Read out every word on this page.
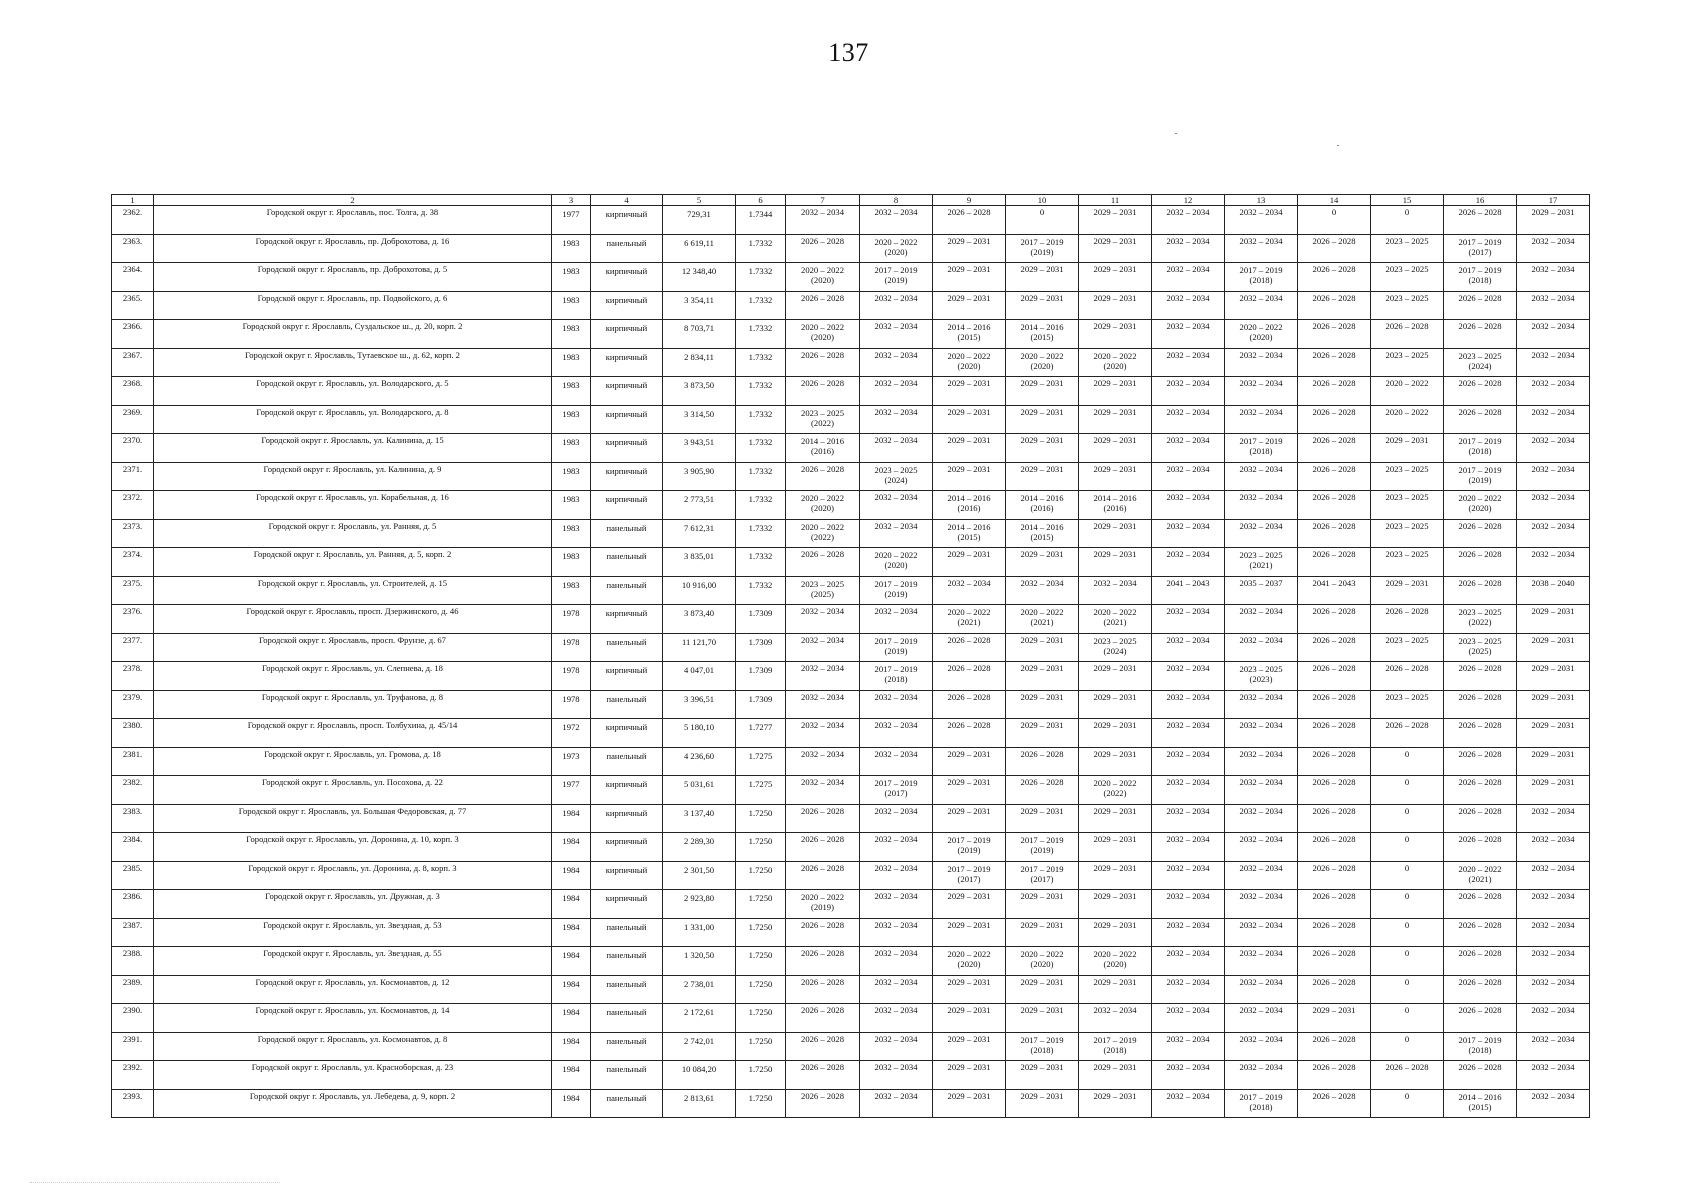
137
1	2	3	4	5	6	7	8	9	10	11	12	13	14	15	16	17
2362.	Городской округ г. Ярославль, пос. Толга, д. 38	1977	кирпичный	729,31	1.7344	2032 – 2034	2032 – 2034	2026 – 2028	0	2029 – 2031	2032 – 2034	2032 – 2034	0	0	2026 – 2028	2029 – 2031
2363.	Городской округ г. Ярославль, пр. Доброхотова, д. 16	1983	панельный	6 619,11	1.7332	2026 – 2028	2020 – 2022
(2020)	2029 – 2031	2017 – 2019
(2019)	2029 – 2031	2032 – 2034	2032 – 2034	2026 – 2028	2023 – 2025	2017 – 2019
(2017)	2032 – 2034
2364.	Городской округ г. Ярославль, пр. Доброхотова, д. 5	1983	кирпичный	12 348,40	1.7332	2020 – 2022
(2020)	2017 – 2019
(2019)	2029 – 2031	2029 – 2031	2029 – 2031	2032 – 2034	2017 – 2019
(2018)	2026 – 2028	2023 – 2025	2017 – 2019
(2018)	2032 – 2034
2365.	Городской округ г. Ярославль, пр. Подвойского, д. 6	1983	кирпичный	3 354,11	1.7332	2026 – 2028	2032 – 2034	2029 – 2031	2029 – 2031	2029 – 2031	2032 – 2034	2032 – 2034	2026 – 2028	2023 – 2025	2026 – 2028	2032 – 2034
2366.	Городской округ г. Ярославль, Суздальское ш., д. 20, корп. 2	1983	кирпичный	8 703,71	1.7332	2020 – 2022
(2020)	2032 – 2034	2014 – 2016
(2015)	2014 – 2016
(2015)	2029 – 2031	2032 – 2034	2020 – 2022
(2020)	2026 – 2028	2026 – 2028	2026 – 2028	2032 – 2034
2367.	Городской округ г. Ярославль, Тутаевское ш., д. 62, корп. 2	1983	кирпичный	2 834,11	1.7332	2026 – 2028	2032 – 2034	2020 – 2022
(2020)	2020 – 2022
(2020)	2020 – 2022
(2020)	2032 – 2034	2032 – 2034	2026 – 2028	2023 – 2025	2023 – 2025
(2024)	2032 – 2034
2368.	Городской округ г. Ярославль, ул. Володарского, д. 5	1983	кирпичный	3 873,50	1.7332	2026 – 2028	2032 – 2034	2029 – 2031	2029 – 2031	2029 – 2031	2032 – 2034	2032 – 2034	2026 – 2028	2020 – 2022	2026 – 2028	2032 – 2034
2369.	Городской округ г. Ярославль, ул. Володарского, д. 8	1983	кирпичный	3 314,50	1.7332	2023 – 2025
(2022)	2032 – 2034	2029 – 2031	2029 – 2031	2029 – 2031	2032 – 2034	2032 – 2034	2026 – 2028	2020 – 2022	2026 – 2028	2032 – 2034
2370.	Городской округ г. Ярославль, ул. Калинина, д. 15	1983	кирпичный	3 943,51	1.7332	2014 – 2016
(2016)	2032 – 2034	2029 – 2031	2029 – 2031	2029 – 2031	2032 – 2034	2017 – 2019
(2018)	2026 – 2028	2029 – 2031	2017 – 2019
(2018)	2032 – 2034
2371.	Городской округ г. Ярославль, ул. Калинина, д. 9	1983	кирпичный	3 905,90	1.7332	2026 – 2028	2023 – 2025
(2024)	2029 – 2031	2029 – 2031	2029 – 2031	2032 – 2034	2032 – 2034	2026 – 2028	2023 – 2025	2017 – 2019
(2019)	2032 – 2034
2372.	Городской округ г. Ярославль, ул. Корабельная, д. 16	1983	кирпичный	2 773,51	1.7332	2020 – 2022
(2020)	2032 – 2034	2014 – 2016
(2016)	2014 – 2016
(2016)	2014 – 2016
(2016)	2032 – 2034	2032 – 2034	2026 – 2028	2023 – 2025	2020 – 2022
(2020)	2032 – 2034
2373.	Городской округ г. Ярославль, ул. Ранняя, д. 5	1983	панельный	7 612,31	1.7332	2020 – 2022
(2022)	2032 – 2034	2014 – 2016
(2015)	2014 – 2016
(2015)	2029 – 2031	2032 – 2034	2032 – 2034	2026 – 2028	2023 – 2025	2026 – 2028	2032 – 2034
2374.	Городской округ г. Ярославль, ул. Ранняя, д. 5, корп. 2	1983	панельный	3 835,01	1.7332	2026 – 2028	2020 – 2022
(2020)	2029 – 2031	2029 – 2031	2029 – 2031	2032 – 2034	2023 – 2025
(2021)	2026 – 2028	2023 – 2025	2026 – 2028	2032 – 2034
2375.	Городской округ г. Ярославль, ул. Строителей, д. 15	1983	панельный	10 916,00	1.7332	2023 – 2025
(2025)	2017 – 2019
(2019)	2032 – 2034	2032 – 2034	2032 – 2034	2041 – 2043	2035 – 2037	2041 – 2043	2029 – 2031	2026 – 2028	2038 – 2040
2376.	Городской округ г. Ярославль, просп. Дзержинского, д. 46	1978	кирпичный	3 873,40	1.7309	2032 – 2034	2032 – 2034	2020 – 2022
(2021)	2020 – 2022
(2021)	2020 – 2022
(2021)	2032 – 2034	2032 – 2034	2026 – 2028	2026 – 2028	2023 – 2025
(2022)	2029 – 2031
2377.	Городской округ г. Ярославль, просп. Фрунзе, д. 67	1978	панельный	11 121,70	1.7309	2032 – 2034	2017 – 2019
(2019)	2026 – 2028	2029 – 2031	2023 – 2025
(2024)	2032 – 2034	2032 – 2034	2026 – 2028	2023 – 2025	2023 – 2025
(2025)	2029 – 2031
2378.	Городской округ г. Ярославль, ул. Слепнева, д. 18	1978	кирпичный	4 047,01	1.7309	2032 – 2034	2017 – 2019
(2018)	2026 – 2028	2029 – 2031	2029 – 2031	2032 – 2034	2023 – 2025
(2023)	2026 – 2028	2026 – 2028	2026 – 2028	2029 – 2031
2379.	Городской округ г. Ярославль, ул. Труфанова, д. 8	1978	панельный	3 396,51	1.7309	2032 – 2034	2032 – 2034	2026 – 2028	2029 – 2031	2029 – 2031	2032 – 2034	2032 – 2034	2026 – 2028	2023 – 2025	2026 – 2028	2029 – 2031
2380.	Городской округ г. Ярославль, просп. Толбухина, д. 45/14	1972	кирпичный	5 180,10	1.7277	2032 – 2034	2032 – 2034	2026 – 2028	2029 – 2031	2029 – 2031	2032 – 2034	2032 – 2034	2026 – 2028	2026 – 2028	2026 – 2028	2029 – 2031
2381.	Городской округ г. Ярославль, ул. Громова, д. 18	1973	панельный	4 236,60	1.7275	2032 – 2034	2032 – 2034	2029 – 2031	2026 – 2028	2029 – 2031	2032 – 2034	2032 – 2034	2026 – 2028	0	2026 – 2028	2029 – 2031
2382.	Городской округ г. Ярославль, ул. Посохова, д. 22	1977	кирпичный	5 031,61	1.7275	2032 – 2034	2017 – 2019
(2017)	2029 – 2031	2026 – 2028	2020 – 2022
(2022)	2032 – 2034	2032 – 2034	2026 – 2028	0	2026 – 2028	2029 – 2031
2383.	Городской округ г. Ярославль, ул. Большая Федоровская, д. 77	1984	кирпичный	3 137,40	1.7250	2026 – 2028	2032 – 2034	2029 – 2031	2029 – 2031	2029 – 2031	2032 – 2034	2032 – 2034	2026 – 2028	0	2026 – 2028	2032 – 2034
2384.	Городской округ г. Ярославль, ул. Доронина, д. 10, корп. 3	1984	кирпичный	2 289,30	1.7250	2026 – 2028	2032 – 2034	2017 – 2019
(2019)	2017 – 2019
(2019)	2029 – 2031	2032 – 2034	2032 – 2034	2026 – 2028	0	2026 – 2028	2032 – 2034
2385.	Городской округ г. Ярославль, ул. Доронина, д. 8, корп. 3	1984	кирпичный	2 301,50	1.7250	2026 – 2028	2032 – 2034	2017 – 2019
(2017)	2017 – 2019
(2017)	2029 – 2031	2032 – 2034	2032 – 2034	2026 – 2028	0	2020 – 2022
(2021)	2032 – 2034
2386.	Городской округ г. Ярославль, ул. Дружная, д. 3	1984	кирпичный	2 923,80	1.7250	2020 – 2022
(2019)	2032 – 2034	2029 – 2031	2029 – 2031	2029 – 2031	2032 – 2034	2032 – 2034	2026 – 2028	0	2026 – 2028	2032 – 2034
2387.	Городской округ г. Ярославль, ул. Звездная, д. 53	1984	панельный	1 331,00	1.7250	2026 – 2028	2032 – 2034	2029 – 2031	2029 – 2031	2029 – 2031	2032 – 2034	2032 – 2034	2026 – 2028	0	2026 – 2028	2032 – 2034
2388.	Городской округ г. Ярославль, ул. Звездная, д. 55	1984	панельный	1 320,50	1.7250	2026 – 2028	2032 – 2034	2020 – 2022
(2020)	2020 – 2022
(2020)	2020 – 2022
(2020)	2032 – 2034	2032 – 2034	2026 – 2028	0	2026 – 2028	2032 – 2034
2389.	Городской округ г. Ярославль, ул. Космонавтов, д. 12	1984	панельный	2 738,01	1.7250	2026 – 2028	2032 – 2034	2029 – 2031	2029 – 2031	2029 – 2031	2032 – 2034	2032 – 2034	2026 – 2028	0	2026 – 2028	2032 – 2034
2390.	Городской округ г. Ярославль, ул. Космонавтов, д. 14	1984	панельный	2 172,61	1.7250	2026 – 2028	2032 – 2034	2029 – 2031	2029 – 2031	2032 – 2034	2032 – 2034	2032 – 2034	2029 – 2031	0	2026 – 2028	2032 – 2034
2391.	Городской округ г. Ярославль, ул. Космонавтов, д. 8	1984	панельный	2 742,01	1.7250	2026 – 2028	2032 – 2034	2029 – 2031	2017 – 2019
(2018)	2017 – 2019
(2018)	2032 – 2034	2032 – 2034	2026 – 2028	0	2017 – 2019
(2018)	2032 – 2034
2392.	Городской округ г. Ярославль, ул. Красноборская, д. 23	1984	панельный	10 084,20	1.7250	2026 – 2028	2032 – 2034	2029 – 2031	2029 – 2031	2029 – 2031	2032 – 2034	2032 – 2034	2026 – 2028	2026 – 2028	2026 – 2028	2032 – 2034
2393.	Городской округ г. Ярославль, ул. Лебедева, д. 9, корп. 2	1984	панельный	2 813,61	1.7250	2026 – 2028	2032 – 2034	2029 – 2031	2029 – 2031	2029 – 2031	2032 – 2034	2017 – 2019
(2018)	2026 – 2028	0	2014 – 2016
(2015)	2032 – 2034
